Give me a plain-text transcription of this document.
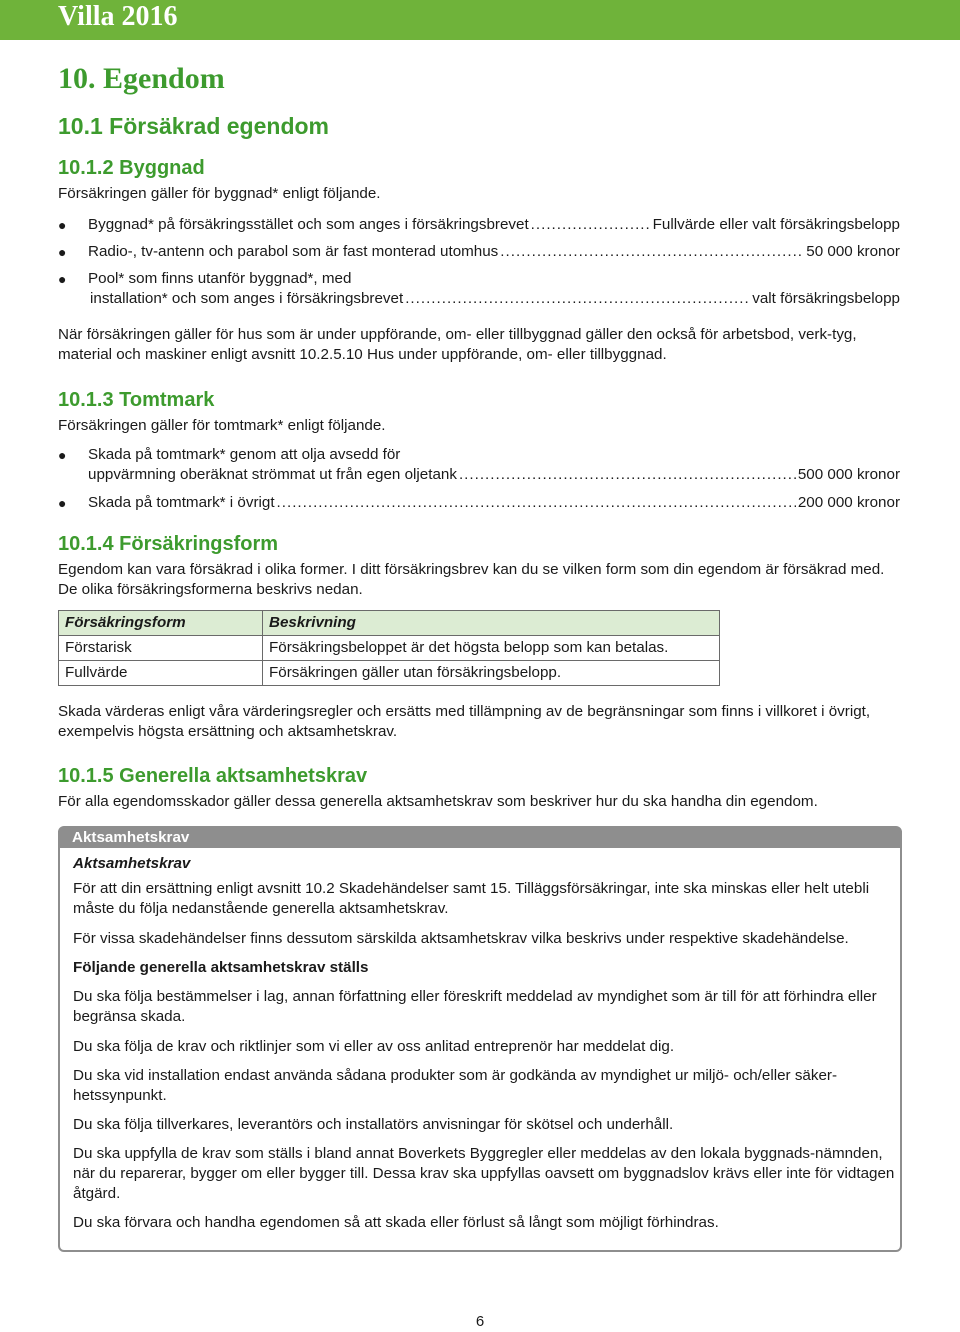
Villa 2016
10. Egendom
10.1 Försäkrad egendom
10.1.2 Byggnad
Försäkringen gäller för byggnad* enligt följande.
● Byggnad* på försäkringsstället och som anges i försäkringsbrevet .....	Fullvärde eller valt försäkringsbelopp
● Radio-, tv-antenn och parabol som är fast monterad utomhus .....	50 000 kronor
● Pool* som finns utanför byggnad*, med
installation* och som anges i försäkringsbrevet .....	valt försäkringsbelopp
När försäkringen gäller för hus som är under uppförande, om- eller tillbyggnad gäller den också för arbetsbod, verk-tyg, material och maskiner enligt avsnitt 10.2.5.10 Hus under uppförande, om- eller tillbyggnad.
10.1.3 Tomtmark
Försäkringen gäller för tomtmark* enligt följande.
● Skada på tomtmark* genom att olja avsedd för
uppvärmning oberäknat strömmat ut från egen oljetank .....	500 000 kronor
● Skada på tomtmark* i övrigt .....	200 000 kronor
10.1.4 Försäkringsform
Egendom kan vara försäkrad i olika former. I ditt försäkringsbrev kan du se vilken form som din egendom är försäkrad med. De olika försäkringsformerna beskrivs nedan.
Försäkringsform	Beskrivning
Förstarisk	Försäkringsbeloppet är det högsta belopp som kan betalas.
Fullvärde	Försäkringen gäller utan försäkringsbelopp.
Skada värderas enligt våra värderingsregler och ersätts med tillämpning av de begränsningar som finns i villkoret i övrigt, exempelvis högsta ersättning och aktsamhetskrav.
10.1.5 Generella aktsamhetskrav
För alla egendomsskador gäller dessa generella aktsamhetskrav som beskriver hur du ska handha din egendom.
Aktsamhetskrav
Aktsamhetskrav
För att din ersättning enligt avsnitt 10.2 Skadehändelser samt 15. Tilläggsförsäkringar, inte ska minskas eller helt utebli måste du följa nedanstående generella aktsamhetskrav.
För vissa skadehändelser finns dessutom särskilda aktsamhetskrav vilka beskrivs under respektive skadehändelse.
Följande generella aktsamhetskrav ställs
Du ska följa bestämmelser i lag, annan författning eller föreskrift meddelad av myndighet som är till för att förhindra eller begränsa skada.
Du ska följa de krav och riktlinjer som vi eller av oss anlitad entreprenör har meddelat dig.
Du ska vid installation endast använda sådana produkter som är godkända av myndighet ur miljö- och/eller säker-hetssynpunkt.
Du ska följa tillverkares, leverantörs och installatörs anvisningar för skötsel och underhåll.
Du ska uppfylla de krav som ställs i bland annat Boverkets Byggregler eller meddelas av den lokala byggnads-nämnden, när du reparerar, bygger om eller bygger till. Dessa krav ska uppfyllas oavsett om byggnadslov krävs eller inte för vidtagen åtgärd.
Du ska förvara och handha egendomen så att skada eller förlust så långt som möjligt förhindras.
6
